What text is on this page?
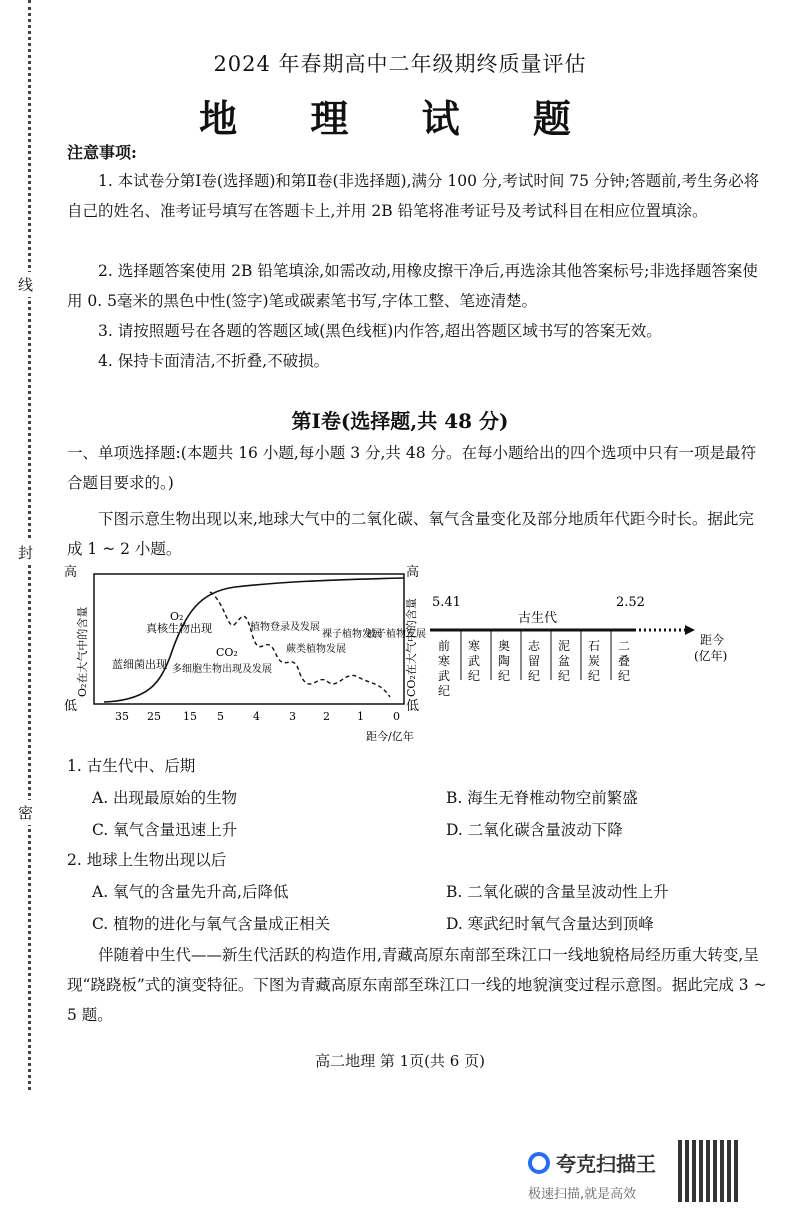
线
封
密
2024 年春期高中二年级期终质量评估
地 理 试 题
注意事项:
1. 本试卷分第Ⅰ卷(选择题)和第Ⅱ卷(非选择题),满分 100 分,考试时间 75 分钟;答题前,考生务必将自己的姓名、准考证号填写在答题卡上,并用 2B 铅笔将准考证号及考试科目在相应位置填涂。
2. 选择题答案使用 2B 铅笔填涂,如需改动,用橡皮擦干净后,再选涂其他答案标号;非选择题答案使用 0. 5毫米的黑色中性(签字)笔或碳素笔书写,字体工整、笔迹清楚。
3. 请按照题号在各题的答题区域(黑色线框)内作答,超出答题区域书写的答案无效。
4. 保持卡面清洁,不折叠,不破损。
第Ⅰ卷(选择题,共 48 分)
一、单项选择题:(本题共 16 小题,每小题 3 分,共 48 分。在每小题给出的四个选项中只有一项是最符合题目要求的。)
下图示意生物出现以来,地球大气中的二氧化碳、氧气含量变化及部分地质年代距今时长。据此完成 1 ~ 2 小题。
高
低
高
低
O₂在大气中的含量	CO₂在大气中的含量
O₂
CO₂
蓝细菌出现
真核生物出现
多细胞生物出现及发展
植物登录及发展
蕨类植物发展
裸子植物发展
被子植物发展
35 25 15 5	4	3 2 1	0
距今/亿年
5.41	2.52
古生代
距今
(亿年)
前寒武纪
寒武纪
奥陶纪
志留纪
泥盆纪
石炭纪
二叠纪
1. 古生代中、后期
A. 出现最原始的生物	B. 海生无脊椎动物空前繁盛
C. 氧气含量迅速上升	D. 二氧化碳含量波动下降
2. 地球上生物出现以后
A. 氧气的含量先升高,后降低	B. 二氧化碳的含量呈波动性上升
C. 植物的进化与氧气含量成正相关	D. 寒武纪时氧气含量达到顶峰
伴随着中生代——新生代活跃的构造作用,青藏高原东南部至珠江口一线地貌格局经历重大转变,呈现“跷跷板”式的演变特征。下图为青藏高原东南部至珠江口一线的地貌演变过程示意图。据此完成 3 ~ 5 题。
高二地理 第 1页(共 6 页)
夸克扫描王
极速扫描,就是高效
